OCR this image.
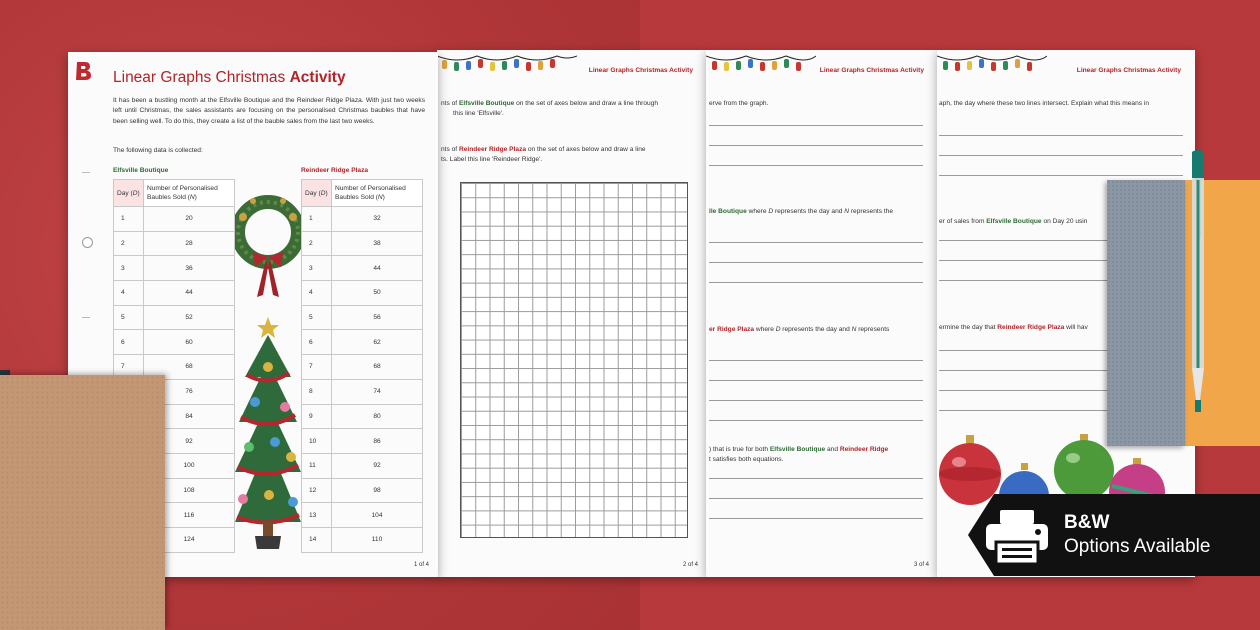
Linear Graphs Christmas Activity
nts of Elfsville Boutique on the set of axes below and draw a line through
this line 'Elfsville'.
nts of Reindeer Ridge Plaza on the set of axes below and draw a line
ts. Label this line 'Reindeer Ridge'.
2 of 4
Linear Graphs Christmas Activity
erve from the graph.
lle Boutique where D represents the day and N represents the
er Ridge Plaza where D represents the day and N represents
) that is true for both Elfsville Boutique and Reindeer Ridge
t satisfies both equations.
3 of 4
Linear Graphs Christmas Activity
aph, the day where these two lines intersect. Explain what this means in
er of sales from Elfsville Boutique on Day 20 usin
ermine the day that Reindeer Ridge Plaza will hav
Linear Graphs Christmas Activity
It has been a bustling month at the Elfsville Boutique and the Reindeer Ridge Plaza. With just two weeks left until Christmas, the sales assistants are focusing on the personalised Christmas baubles that have been selling well. To do this, they create a list of the bauble sales from the last two weeks.
The following data is collected:
Elfsville Boutique	Reindeer Ridge Plaza
Day (D)	Number of Personalised Baubles Sold (N)
1	20
2	28
3	36
4	44
5	52
6	60
7	68
	76
	84
	92
	100
	108
	116
	124
Day (D)	Number of Personalised Baubles Sold (N)
1	32
2	38
3	44
4	50
5	56
6	62
7	68
8	74
9	80
10	86
11	92
12	98
13	104
14	110
1 of 4
B&W
Options Available
